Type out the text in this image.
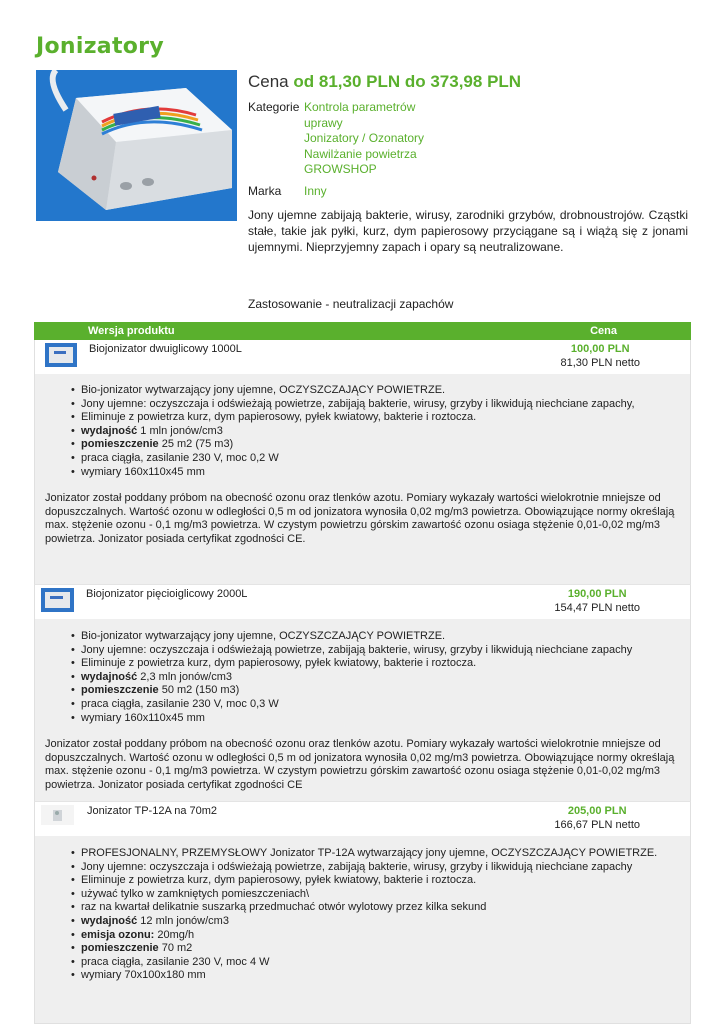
Jonizatory
Cena od 81,30 PLN do 373,98 PLN
Kategorie Kontrola parametrów uprawy
Jonizatory / Ozonatory
Nawilżanie powietrza
GROWSHOP
Marka	Inny
Jony ujemne zabijają bakterie, wirusy, zarodniki grzybów, drobnoustrojów. Cząstki stałe, takie jak pyłki, kurz, dym papierosowy przyciągane są i wiążą się z jonami ujemnymi. Nieprzyjemny zapach i opary są neutralizowane.
Zastosowanie - neutralizacji zapachów
Wersja produktu	Cena
Biojonizator dwuiglicowy 1000L	100,00 PLN
81,30 PLN netto
• Bio-jonizator wytwarzający jony ujemne, OCZYSZCZAJĄCY POWIETRZE.
• Jony ujemne: oczyszczaja i odświeżają powietrze, zabijają bakterie, wirusy, grzyby i likwidują niechciane zapachy,
• Eliminuje z powietrza kurz, dym papierosowy, pyłek kwiatowy, bakterie i roztocza.
• wydajność 1 mln jonów/cm3
• pomieszczenie 25 m2 (75 m3)
• praca ciągła, zasilanie 230 V, moc 0,2 W
• wymiary 160x110x45 mm

Jonizator został poddany próbom na obecność ozonu oraz tlenków azotu. Pomiary wykazały wartości wielokrotnie mniejsze od dopuszczalnych. Wartość ozonu w odległości 0,5 m od jonizatora wynosiła 0,02 mg/m3 powietrza. Obowiązujące normy określają max. stężenie ozonu - 0,1 mg/m3 powietrza. W czystym powietrzu górskim zawartość ozonu osiaga stężenie 0,01-0,02 mg/m3 powietrza. Jonizator posiada certyfikat zgodności CE.

Biojonizator pięcioiglicowy 2000L	190,00 PLN
154,47 PLN netto
• Bio-jonizator wytwarzający jony ujemne, OCZYSZCZAJĄCY POWIETRZE.
• Jony ujemne: oczyszczaja i odświeżają powietrze, zabijają bakterie, wirusy, grzyby i likwidują niechciane zapachy
• Eliminuje z powietrza kurz, dym papierosowy, pyłek kwiatowy, bakterie i roztocza.
• wydajność 2,3 mln jonów/cm3
• pomieszczenie 50 m2 (150 m3)
• praca ciągła, zasilanie 230 V, moc 0,3 W
• wymiary 160x110x45 mm

Jonizator został poddany próbom na obecność ozonu oraz tlenków azotu. Pomiary wykazały wartości wielokrotnie mniejsze od dopuszczalnych. Wartość ozonu w odległości 0,5 m od jonizatora wynosiła 0,02 mg/m3 powietrza. Obowiązujące normy określają max. stężenie ozonu - 0,1 mg/m3 powietrza. W czystym powietrzu górskim zawartość ozonu osiaga stężenie 0,01-0,02 mg/m3 powietrza. Jonizator posiada certyfikat zgodności CE

Jonizator TP-12A na 70m2	205,00 PLN
166,67 PLN netto
• PROFESJONALNY, PRZEMYSŁOWY Jonizator TP-12A wytwarzający jony ujemne, OCZYSZCZAJĄCY POWIETRZE.
• Jony ujemne: oczyszczaja i odświeżają powietrze, zabijają bakterie, wirusy, grzyby i likwidują niechciane zapachy
• Eliminuje z powietrza kurz, dym papierosowy, pyłek kwiatowy, bakterie i roztocza.
• używać tylko w zamkniętych pomieszczeniach\
• raz na kwartał delikatnie suszarką przedmuchać otwór wylotowy przez kilka sekund
• wydajność 12 mln jonów/cm3
• emisja ozonu: 20mg/h
• pomieszczenie 70 m2
• praca ciągła, zasilanie 230 V, moc 4 W
• wymiary 70x100x180 mm
